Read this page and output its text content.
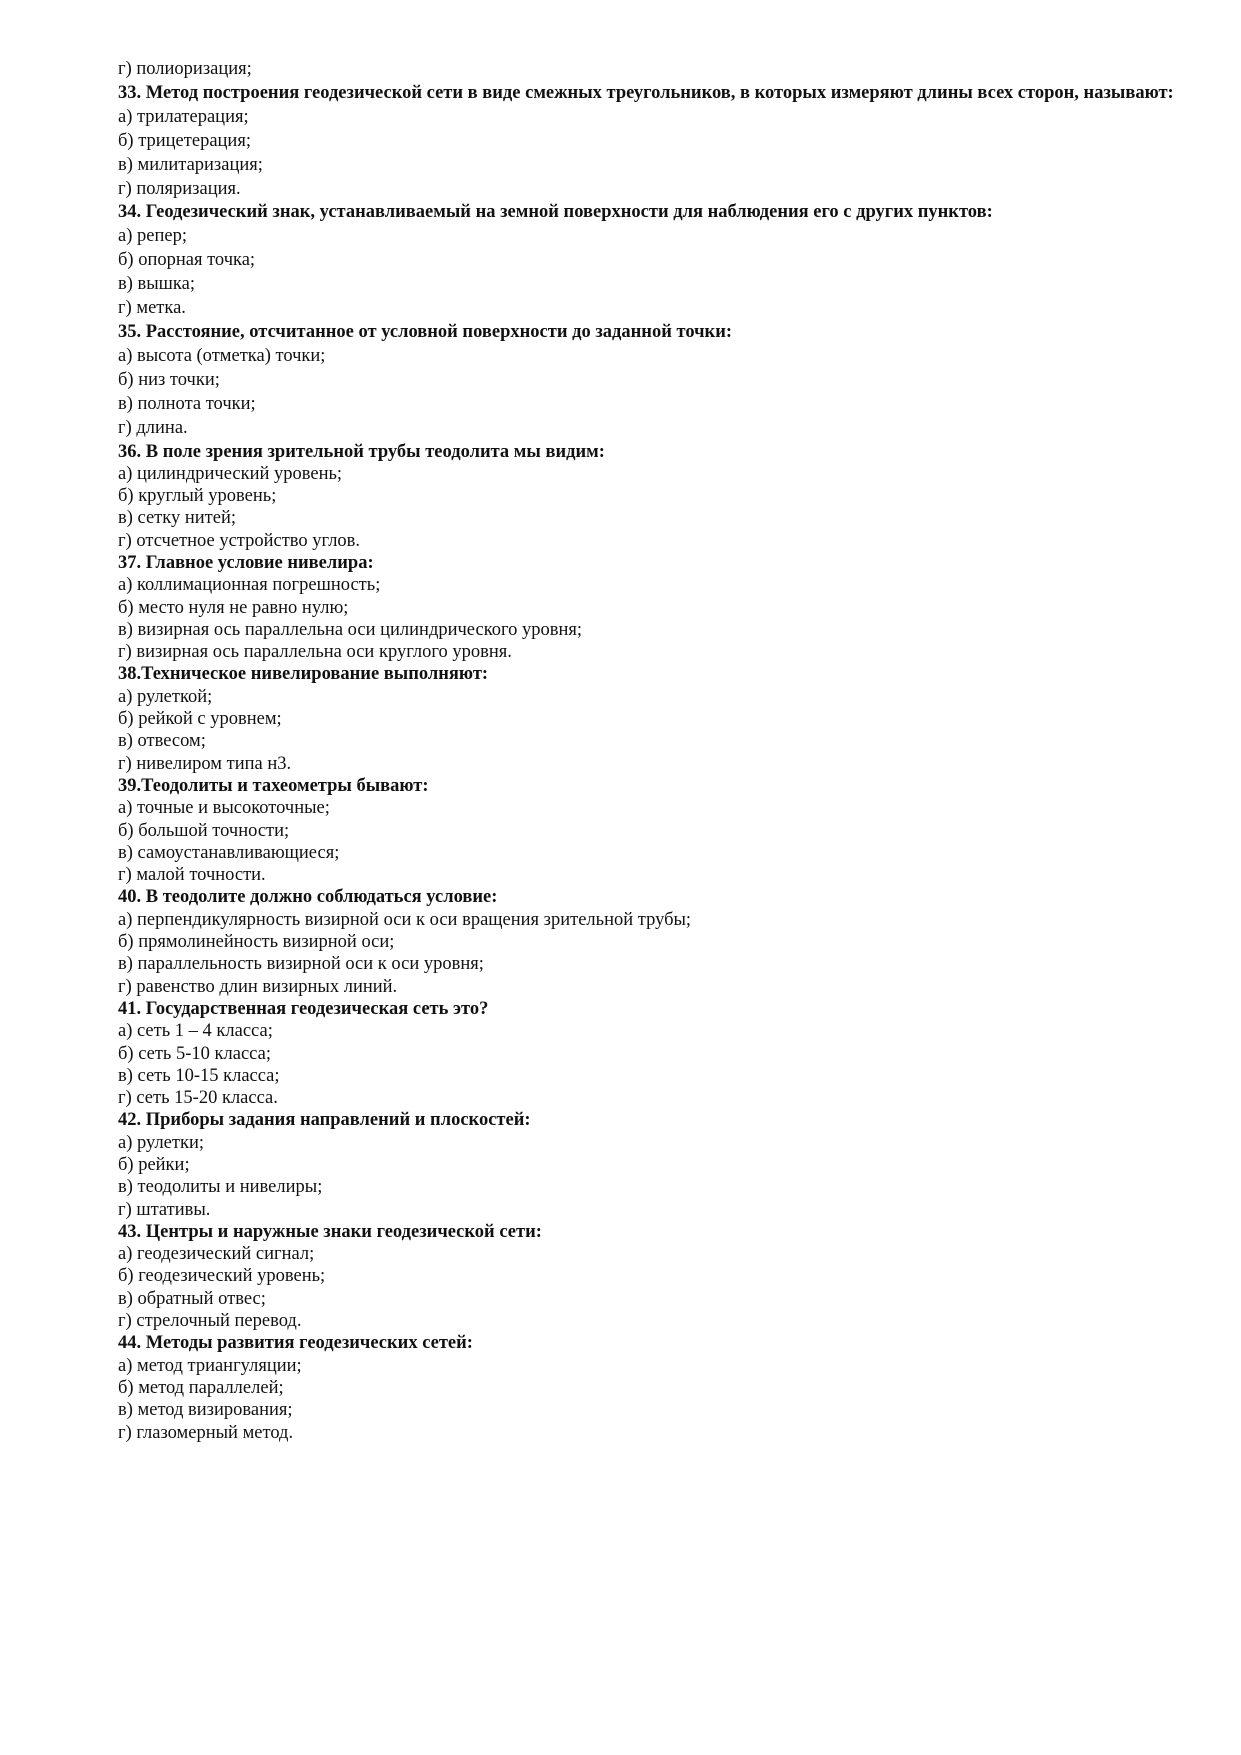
г) полиоризация;
33. Метод построения геодезической сети в виде смежных треугольников, в которых измеряют длины всех сторон, называют:
а) трилатерация;
б) трицетерация;
в) милитаризация;
г) поляризация.
34. Геодезический знак, устанавливаемый на земной поверхности для наблюдения его с других пунктов:
а) репер;
б) опорная точка;
в) вышка;
г) метка.
35. Расстояние, отсчитанное от условной поверхности до заданной точки:
а) высота (отметка) точки;
б) низ точки;
в) полнота точки;
г) длина.
36. В поле зрения зрительной трубы теодолита мы видим:
а) цилиндрический уровень;
б) круглый уровень;
в) сетку нитей;
г) отсчетное устройство углов.
37. Главное условие нивелира:
а) коллимационная погрешность;
б) место нуля не равно нулю;
в) визирная ось параллельна оси цилиндрического уровня;
г) визирная ось параллельна оси круглого уровня.
38.Техническое нивелирование выполняют:
а) рулеткой;
б) рейкой с уровнем;
в) отвесом;
г) нивелиром типа н3.
39.Теодолиты и тахеометры бывают:
а) точные и высокоточные;
б) большой точности;
в) самоустанавливающиеся;
г) малой точности.
40. В теодолите должно соблюдаться условие:
а) перпендикулярность визирной оси к оси вращения зрительной трубы;
б) прямолинейность визирной оси;
в) параллельность визирной оси к оси уровня;
г) равенство длин визирных линий.
41. Государственная геодезическая сеть это?
а) сеть 1 – 4 класса;
б) сеть 5-10 класса;
в) сеть 10-15 класса;
г) сеть 15-20 класса.
42. Приборы задания направлений и плоскостей:
а) рулетки;
б) рейки;
в) теодолиты и нивелиры;
г) штативы.
43. Центры и наружные знаки геодезической сети:
а) геодезический сигнал;
б) геодезический уровень;
в) обратный отвес;
г) стрелочный перевод.
44. Методы развития геодезических сетей:
а) метод триангуляции;
б) метод параллелей;
в) метод визирования;
г) глазомерный метод.
